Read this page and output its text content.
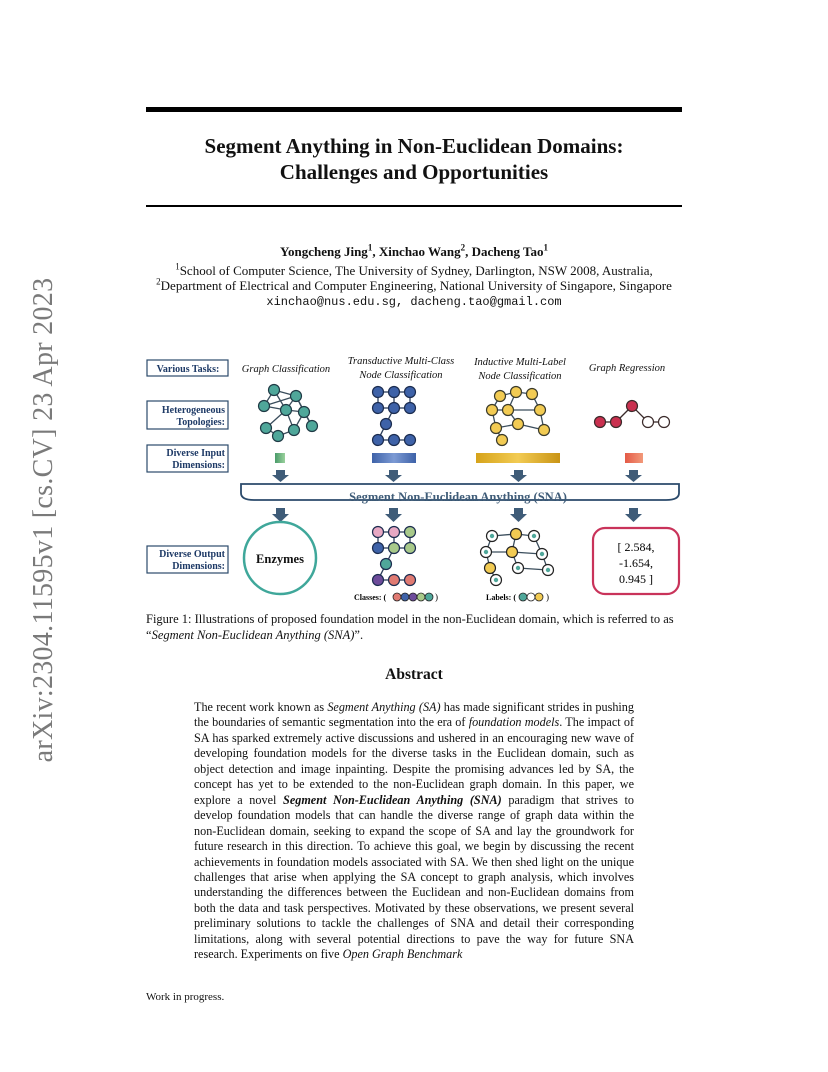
arXiv:2304.11595v1 [cs.CV] 23 Apr 2023
Segment Anything in Non-Euclidean Domains:
Challenges and Opportunities
Yongcheng Jing$^1$, Xinchao Wang$^2$, Dacheng Tao$^1$
$^1$School of Computer Science, The University of Sydney, Darlington, NSW 2008, Australia,
$^2$Department of Electrical and Computer Engineering, National University of Singapore, Singapore
xinchao@nus.edu.sg, dacheng.tao@gmail.com
Various Tasks:
Heterogeneous
Topologies:
Diverse Input
Dimensions:
Diverse Output
Dimensions:
Graph Classification
Transductive Multi-Class
Node Classification
Inductive Multi-Label
Node Classification
Graph Regression
Segment Non-Euclidean Anything (SNA)
Enzymes
Classes: (	)	Labels: (	)
[ 2.584,
-1.654,
0.945 ]
Figure 1: Illustrations of proposed foundation model in the non-Euclidean domain, which is referred to as “Segment Non-Euclidean Anything (SNA)”.
Abstract
The recent work known as Segment Anything (SA) has made significant strides in pushing the boundaries of semantic segmentation into the era of foundation models. The impact of SA has sparked extremely active discussions and ushered in an encouraging new wave of developing foundation models for the diverse tasks in the Euclidean domain, such as object detection and image inpainting. Despite the promising advances led by SA, the concept has yet to be extended to the non-Euclidean graph domain. In this paper, we explore a novel Segment Non-Euclidean Anything (SNA) paradigm that strives to develop foundation models that can handle the diverse range of graph data within the non-Euclidean domain, seeking to expand the scope of SA and lay the groundwork for future research in this direction. To achieve this goal, we begin by discussing the recent achievements in foundation models associated with SA. We then shed light on the unique challenges that arise when applying the SA concept to graph analysis, which involves understanding the differences between the Euclidean and non-Euclidean domains from both the data and task perspectives. Motivated by these observations, we present several preliminary solutions to tackle the challenges of SNA and detail their corresponding limitations, along with several potential directions to pave the way for future SNA research. Experiments on five Open Graph Benchmark
Work in progress.
